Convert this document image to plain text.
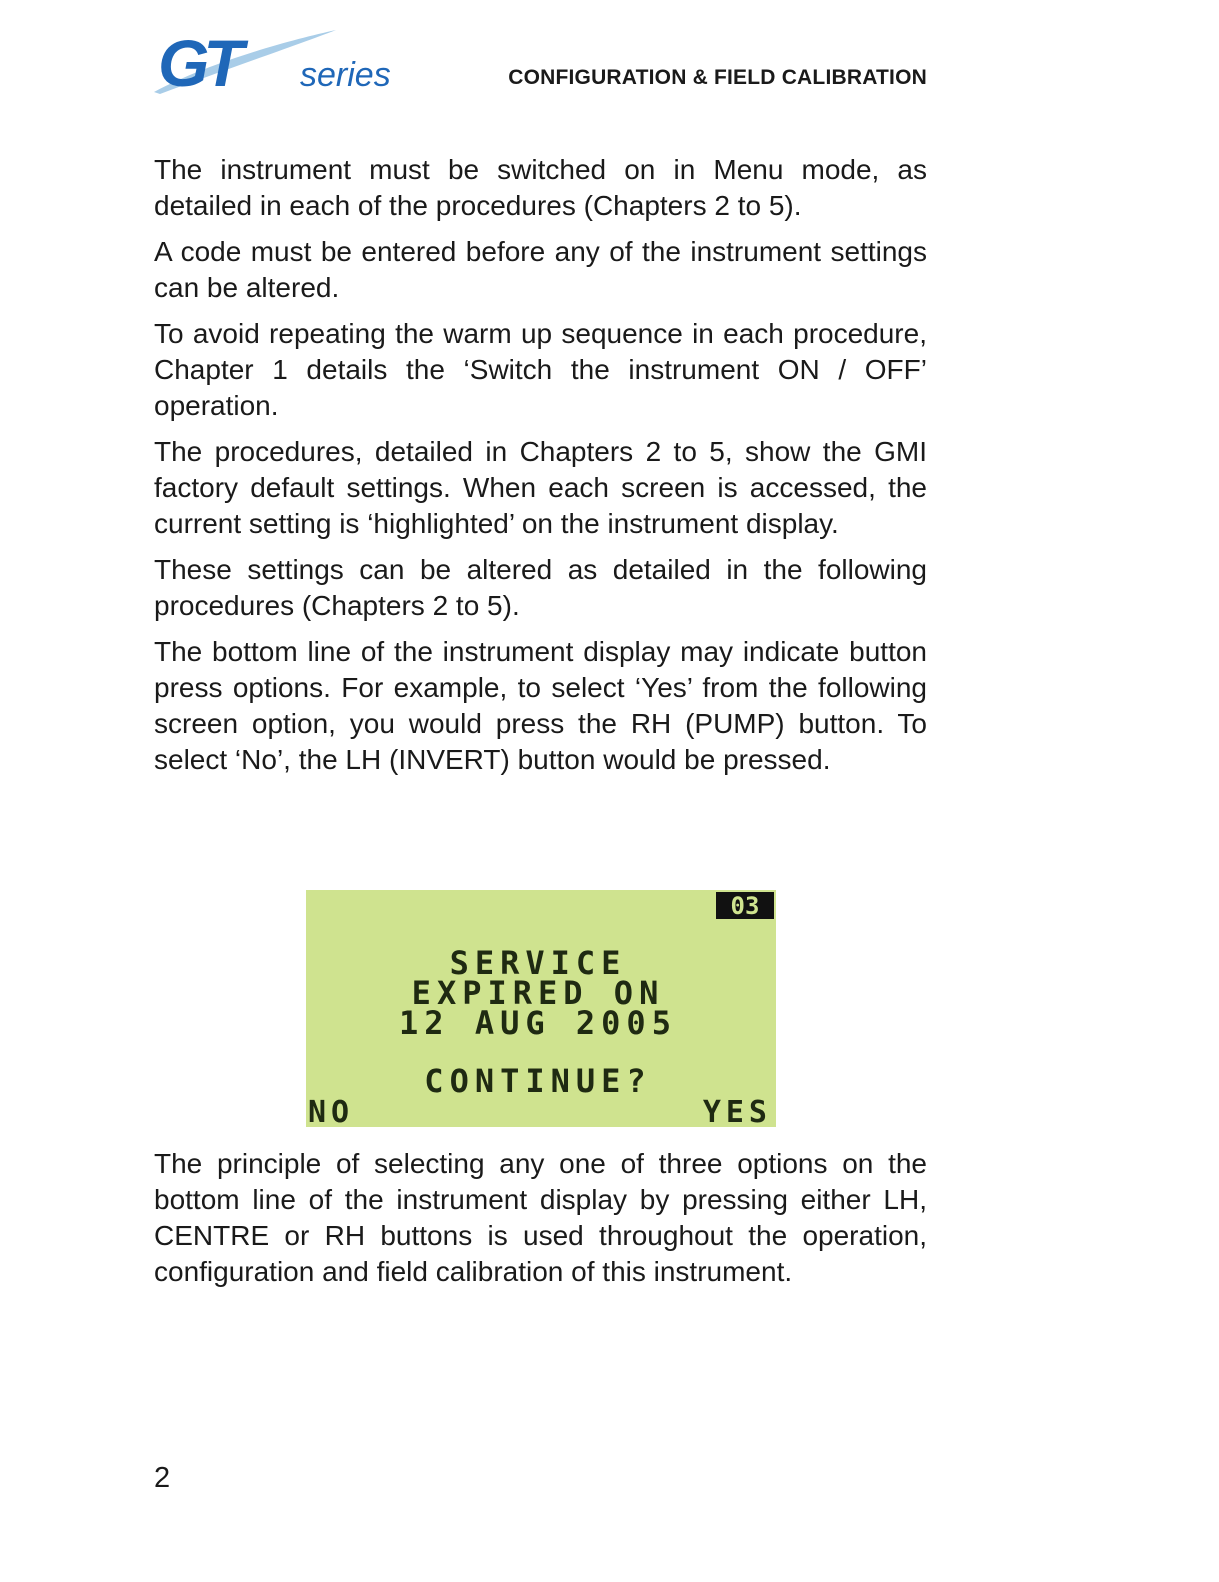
GT	series	CONFIGURATION & FIELD CALIBRATION

The instrument must be switched on in Menu mode, as detailed in each of the procedures (Chapters 2 to 5).

A code must be entered before any of the instrument settings can be altered.

To avoid repeating the warm up sequence in each procedure, Chapter 1 details the ‘Switch the instrument ON / OFF’ operation.

The procedures, detailed in Chapters 2 to 5, show the GMI factory default settings. When each screen is accessed, the current setting is ‘highlighted’ on the instrument display.

These settings can be altered as detailed in the following procedures (Chapters 2 to 5).

The bottom line of the instrument display may indicate button press options. For example, to select ‘Yes’ from the following screen option, you would press the RH (PUMP) button. To select ‘No’, the LH (INVERT) button would be pressed.

03
SERVICE
EXPIRED ON
12 AUG 2005
CONTINUE?
NO	YES

The principle of selecting any one of three options on the bottom line of the instrument display by pressing either LH, CENTRE or RH buttons is used throughout the operation, configuration and field calibration of this instrument.

2
